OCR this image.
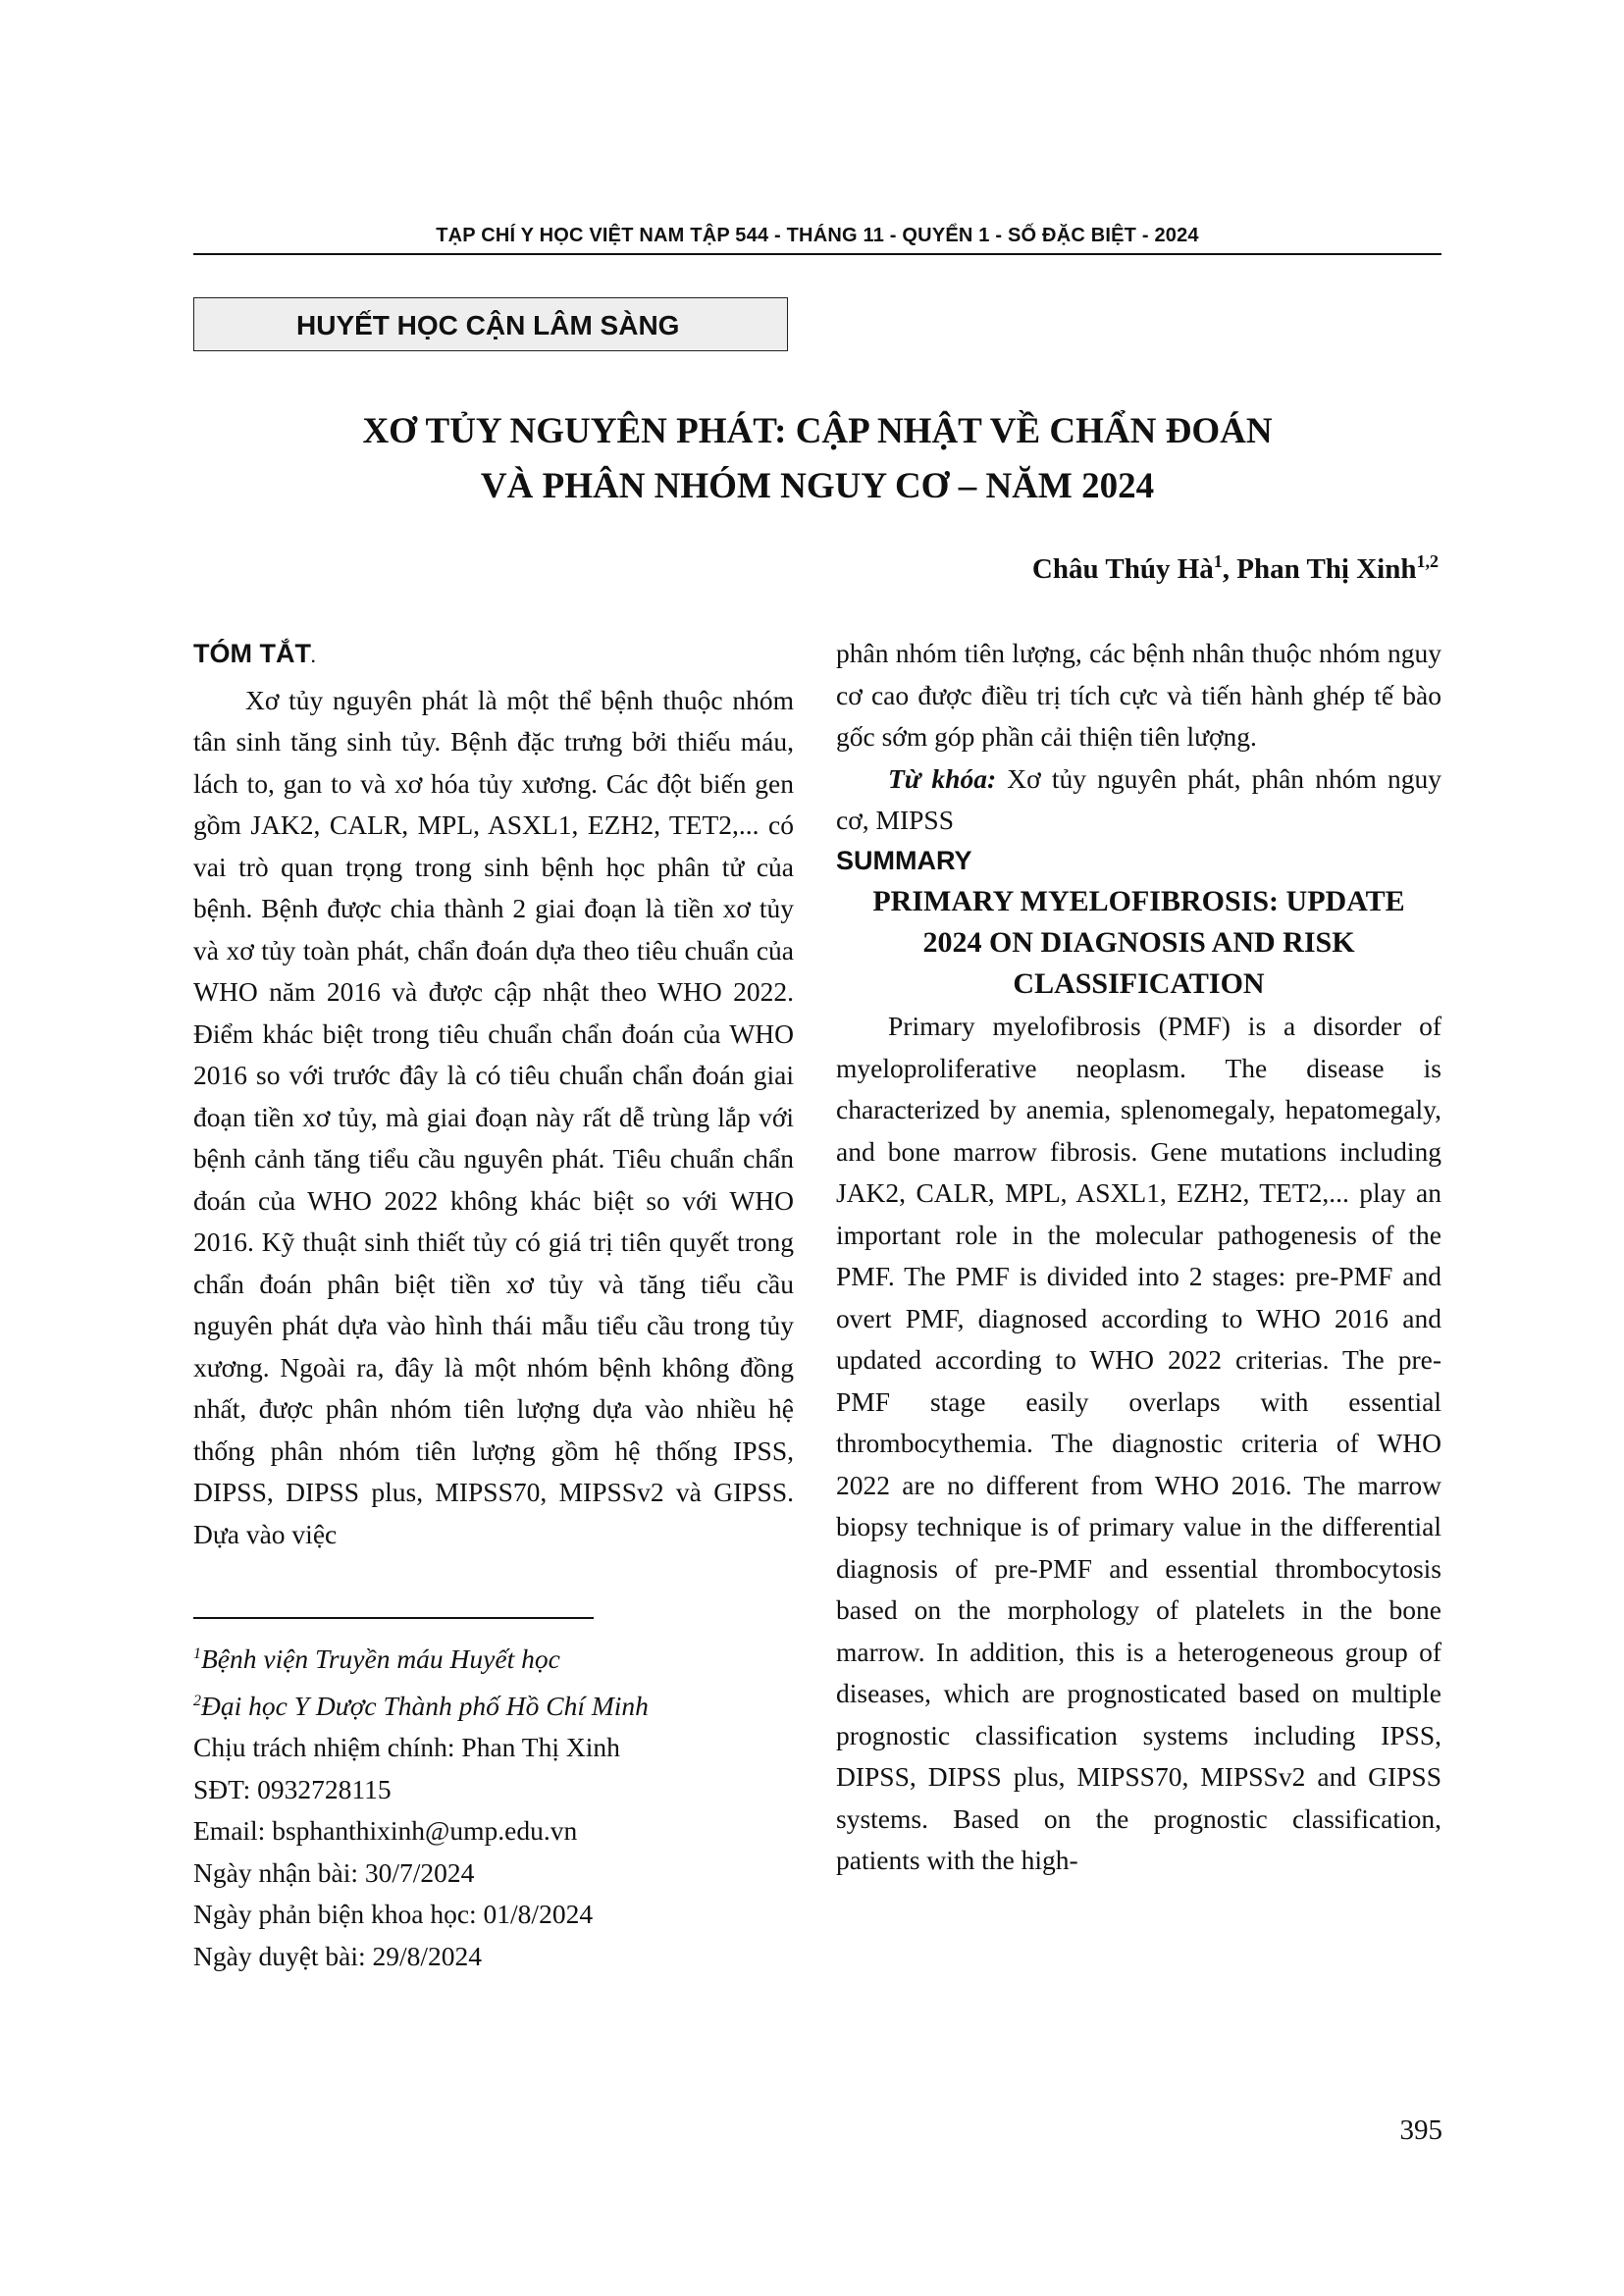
TẠP CHÍ Y HỌC VIỆT NAM TẬP 544 - THÁNG 11 - QUYỂN 1 - SỐ ĐẶC BIỆT - 2024
HUYẾT HỌC CẬN LÂM SÀNG
XƠ TỦY NGUYÊN PHÁT: CẬP NHẬT VỀ CHẨN ĐOÁN
VÀ PHÂN NHÓM NGUY CƠ – NĂM 2024
Châu Thúy $Hà^1$, Phan Thị Xinh$^{1,2}$
TÓM TẮT.

Xơ tủy nguyên phát là một thể bệnh thuộc nhóm tân sinh tăng sinh tủy. Bệnh đặc trưng bởi thiếu máu, lách to, gan to và xơ hóa tủy xương. Các đột biến gen gồm JAK2, CALR, MPL, ASXL1, EZH2, TET2,... có vai trò quan trọng trong sinh bệnh học phân tử của bệnh. Bệnh được chia thành 2 giai đoạn là tiền xơ tủy và xơ tủy toàn phát, chẩn đoán dựa theo tiêu chuẩn của WHO năm 2016 và được cập nhật theo WHO 2022. Điểm khác biệt trong tiêu chuẩn chẩn đoán của WHO 2016 so với trước đây là có tiêu chuẩn chẩn đoán giai đoạn tiền xơ tủy, mà giai đoạn này rất dễ trùng lắp với bệnh cảnh tăng tiểu cầu nguyên phát. Tiêu chuẩn chẩn đoán của WHO 2022 không khác biệt so với WHO 2016. Kỹ thuật sinh thiết tủy có giá trị tiên quyết trong chẩn đoán phân biệt tiền xơ tủy và tăng tiểu cầu nguyên phát dựa vào hình thái mẫu tiểu cầu trong tủy xương. Ngoài ra, đây là một nhóm bệnh không đồng nhất, được phân nhóm tiên lượng dựa vào nhiều hệ thống phân nhóm tiên lượng gồm hệ thống IPSS, DIPSS, DIPSS plus, MIPSS70, MIPSSv2 và GIPSS. Dựa vào việc

$^1$Bệnh viện Truyền máu Huyết học
$^2$Đại học Y Dược Thành phố Hồ Chí Minh
Chịu trách nhiệm chính: Phan Thị Xinh
SĐT: 0932728115
Email: bsphanthixinh@ump.edu.vn
Ngày nhận bài: 30/7/2024
Ngày phản biện khoa học: 01/8/2024
Ngày duyệt bài: 29/8/2024

phân nhóm tiên lượng, các bệnh nhân thuộc nhóm nguy cơ cao được điều trị tích cực và tiến hành ghép tế bào gốc sớm góp phần cải thiện tiên lượng.

Từ khóa: Xơ tủy nguyên phát, phân nhóm nguy cơ, MIPSS

SUMMARY
PRIMARY MYELOFIBROSIS: UPDATE
2024 ON DIAGNOSIS AND RISK
CLASSIFICATION

Primary myelofibrosis (PMF) is a disorder of myeloproliferative neoplasm. The disease is characterized by anemia, splenomegaly, hepatomegaly, and bone marrow fibrosis. Gene mutations including JAK2, CALR, MPL, ASXL1, EZH2, TET2,... play an important role in the molecular pathogenesis of the PMF. The PMF is divided into 2 stages: pre-PMF and overt PMF, diagnosed according to WHO 2016 and updated according to WHO 2022 criterias. The pre-PMF stage easily overlaps with essential thrombocythemia. The diagnostic criteria of WHO 2022 are no different from WHO 2016. The marrow biopsy technique is of primary value in the differential diagnosis of pre-PMF and essential thrombocytosis based on the morphology of platelets in the bone marrow. In addition, this is a heterogeneous group of diseases, which are prognosticated based on multiple prognostic classification systems including IPSS, DIPSS, DIPSS plus, MIPSS70, MIPSSv2 and GIPSS systems. Based on the prognostic classification, patients with the high-

395
